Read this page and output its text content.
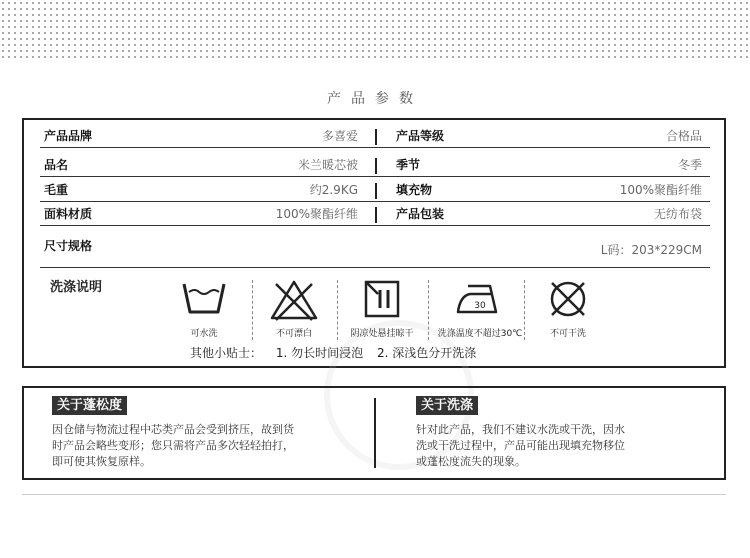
产品参数
产品品牌	多喜爱	产品等级	合格品
品名	米兰暖芯被	季节	冬季
毛重	约2.9KG	填充物	100%聚酯纤维
面料材质	100%聚酯纤维	产品包装	无纺布袋
尺寸规格	L码：203*229CM
洗涤说明
可水洗	不可漂白	阴凉处悬挂晾干
30
洗涤温度不超过30℃	不可干洗
其他小贴士： 1. 勿长时间浸泡 2. 深浅色分开洗涤
关于蓬松度
因仓储与物流过程中芯类产品会受到挤压，故到货
时产品会略些变形；您只需将产品多次轻轻拍打，
即可使其恢复原样。
关于洗涤
针对此产品，我们不建议水洗或干洗，因水
洗或干洗过程中，产品可能出现填充物移位
或蓬松度流失的现象。
